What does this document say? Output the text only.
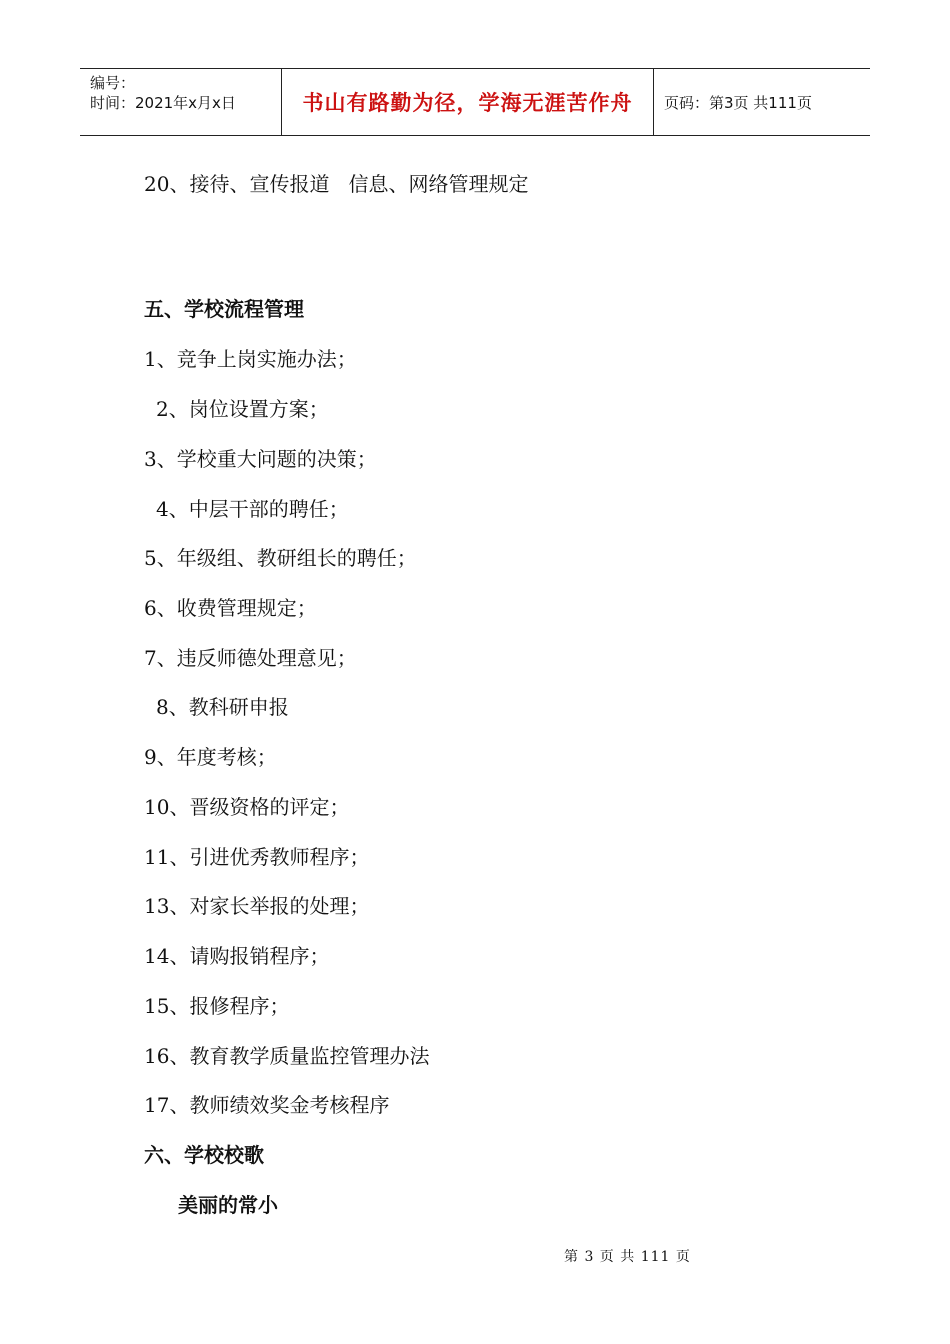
编号：
时间：2021年x月x日	书山有路勤为径，学海无涯苦作舟	页码：第3页 共111页
20、接待、宣传报道   信息、网络管理规定
五、学校流程管理
1、竞争上岗实施办法；
2、岗位设置方案；
3、学校重大问题的决策；
4、中层干部的聘任；
5、年级组、教研组长的聘任；
6、收费管理规定；
7、违反师德处理意见；
8、教科研申报
9、年度考核；
10、晋级资格的评定；
11、引进优秀教师程序；
13、对家长举报的处理；
14、请购报销程序；
15、报修程序；
16、教育教学质量监控管理办法
17、教师绩效奖金考核程序
六、学校校歌
美丽的常小
第 3 页 共 111 页
